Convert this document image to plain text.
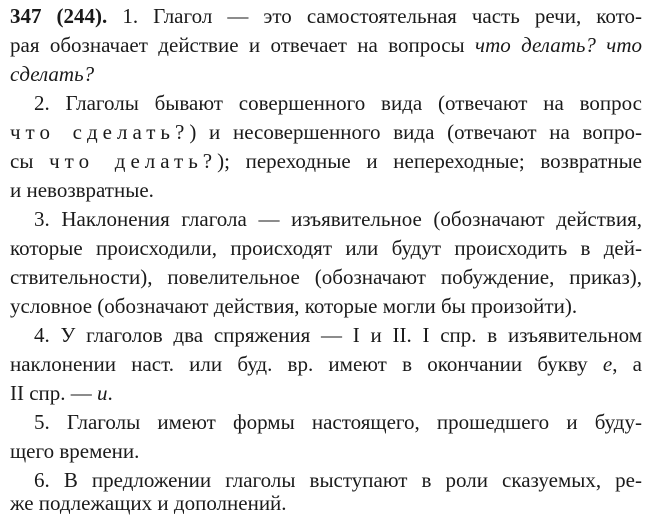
347 (244). 1. Глагол — это самостоятельная часть речи, кото-
рая обозначает действие и отвечает на вопросы что делать? что
сделать?
2. Глаголы бывают совершенного вида (отвечают на вопрос
что сделать?) и несовершенного вида (отвечают на вопро-
сы что делать?); переходные и непереходные; возвратные
и невозвратные.
3. Наклонения глагола — изъявительное (обозначают действия,
которые происходили, происходят или будут происходить в дей-
ствительности), повелительное (обозначают побуждение, приказ),
условное (обозначают действия, которые могли бы произойти).
4. У глаголов два спряжения — I и II. I спр. в изъявительном
наклонении наст. или буд. вр. имеют в окончании букву е, а
II спр. — и.
5. Глаголы имеют формы настоящего, прошедшего и буду-
щего времени.
6. В предложении глаголы выступают в роли сказуемых, ре-
же подлежащих и дополнений.
